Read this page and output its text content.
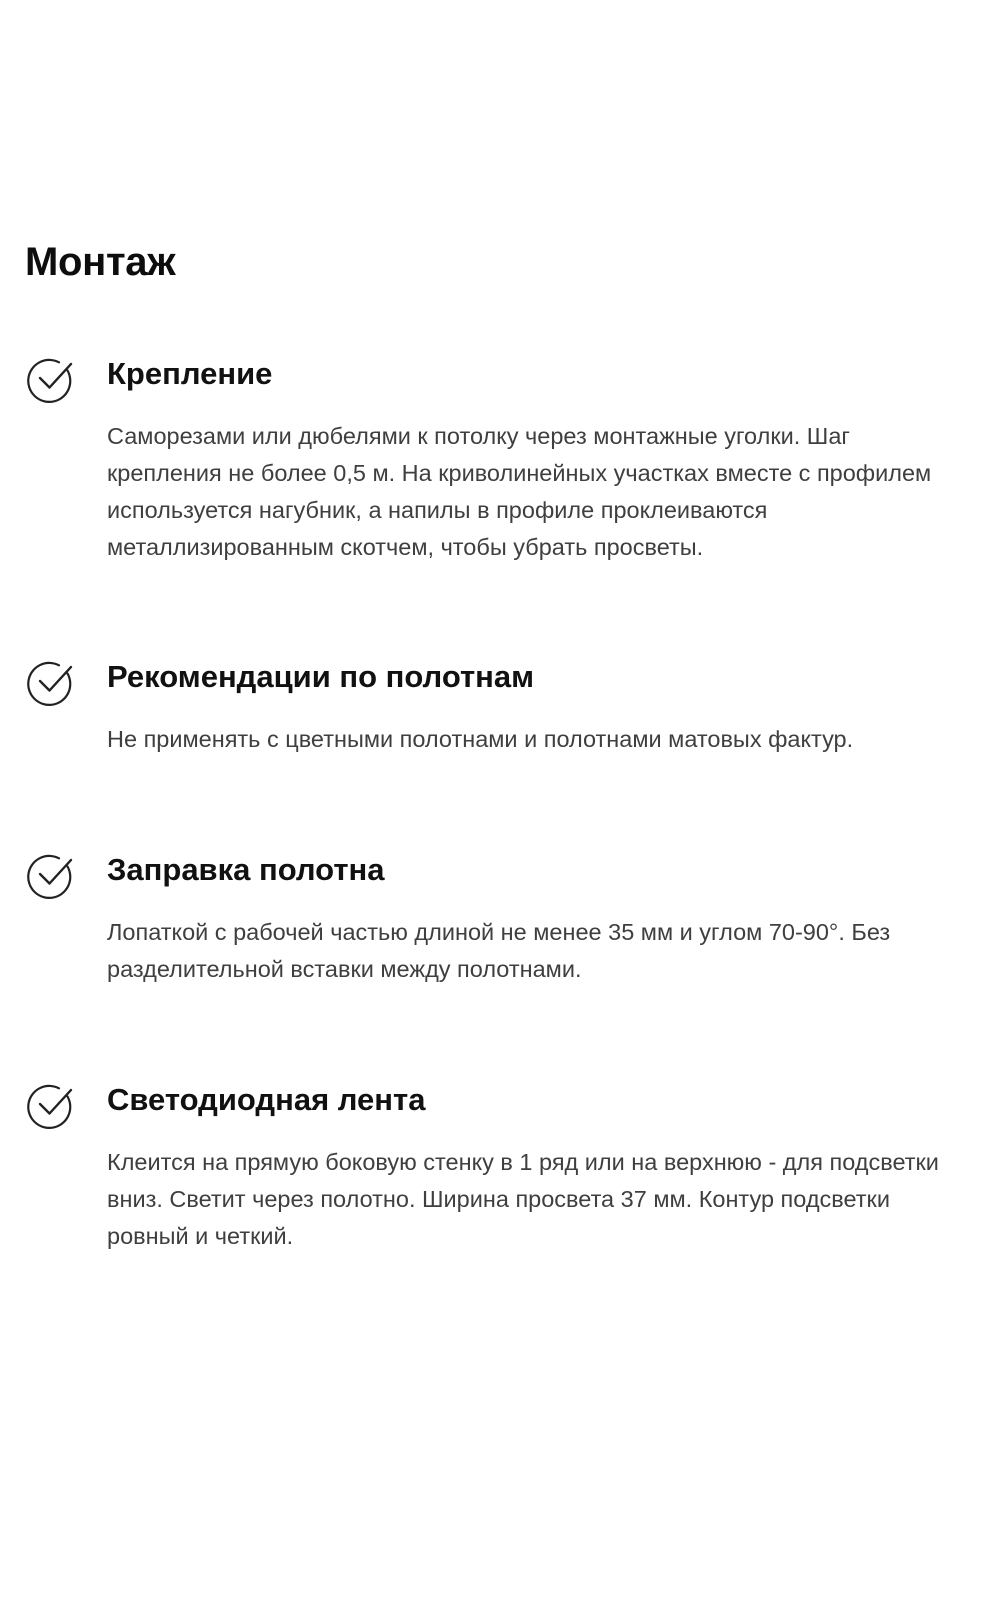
Монтаж
Крепление

Саморезами или дюбелями к потолку через монтажные уголки. Шаг крепления не более 0,5 м. На криволинейных участках вместе с профилем используется нагубник, а напилы в профиле проклеиваются металлизированным скотчем, чтобы убрать просветы.

Рекомендации по полотнам

Не применять с цветными полотнами и полотнами матовых фактур.

Заправка полотна

Лопаткой с рабочей частью длиной не менее 35 мм и углом 70-90°. Без разделительной вставки между полотнами.

Светодиодная лента

Клеится на прямую боковую стенку в 1 ряд или на верхнюю - для подсветки вниз. Светит через полотно. Ширина просвета 37 мм. Контур подсветки ровный и четкий.
